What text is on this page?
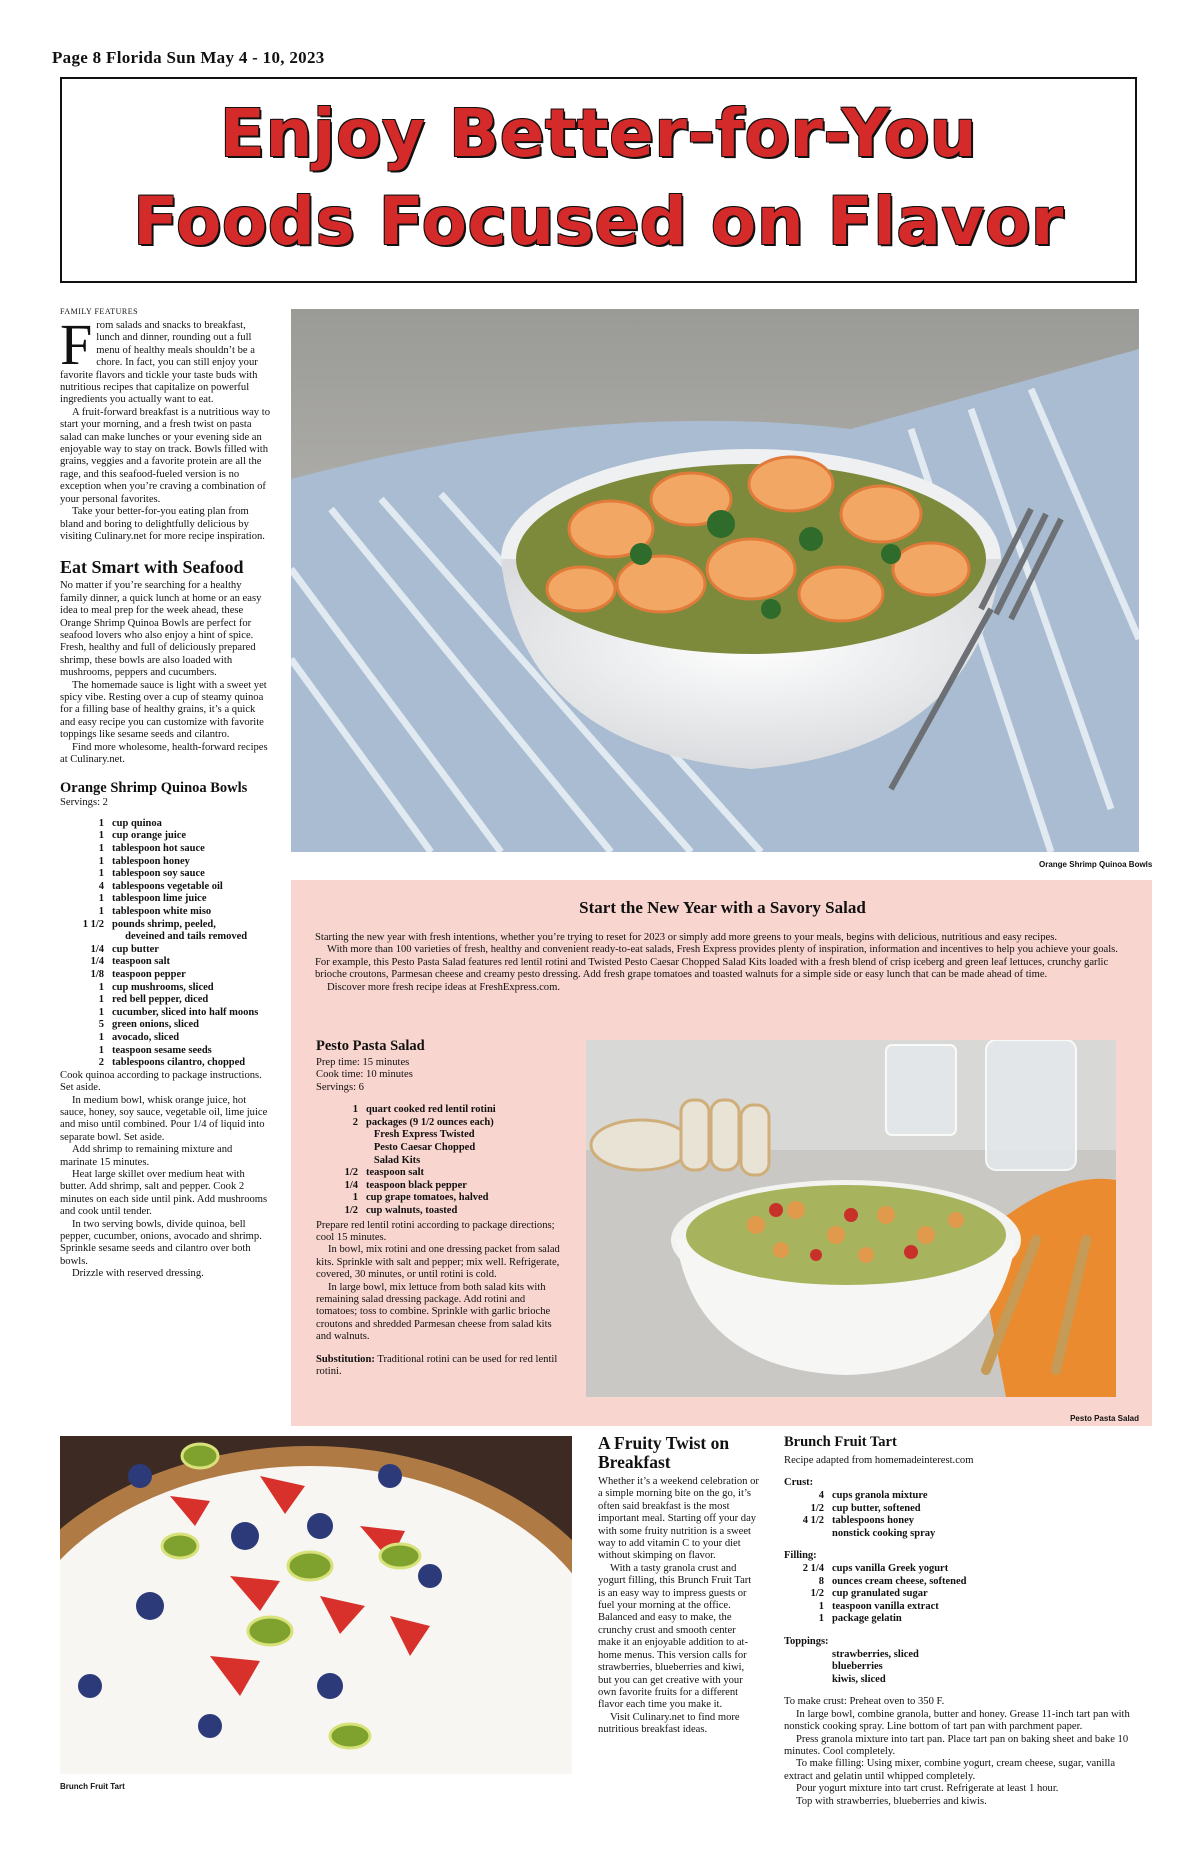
Page 8 Florida Sun May 4 - 10, 2023
Enjoy Better-for-You
Foods Focused on Flavor
FAMILY FEATURES
F rom salads and snacks to breakfast, lunch and dinner, rounding out a full menu of healthy meals shouldn’t be a chore. In fact, you can still enjoy your favorite flavors and tickle your taste buds with nutritious recipes that capitalize on powerful ingredients you actually want to eat.

A fruit-forward breakfast is a nutritious way to start your morning, and a fresh twist on pasta salad can make lunches or your evening side an enjoyable way to stay on track. Bowls filled with grains, veggies and a favorite protein are all the rage, and this seafood-fueled version is no exception when you’re craving a combination of your personal favorites.

Take your better-for-you eating plan from bland and boring to delightfully delicious by visiting Culinary.net for more recipe inspiration.

Eat Smart with Seafood

No matter if you’re searching for a healthy family dinner, a quick lunch at home or an easy idea to meal prep for the week ahead, these Orange Shrimp Quinoa Bowls are perfect for seafood lovers who also enjoy a hint of spice. Fresh, healthy and full of deliciously prepared shrimp, these bowls are also loaded with mushrooms, peppers and cucumbers.

The homemade sauce is light with a sweet yet spicy vibe. Resting over a cup of steamy quinoa for a filling base of healthy grains, it’s a quick and easy recipe you can customize with favorite toppings like sesame seeds and cilantro.

Find more wholesome, health-forward recipes at Culinary.net.

Orange Shrimp Quinoa Bowls
Servings: 2
1 cup quinoa
1 cup orange juice
1 tablespoon hot sauce
1 tablespoon honey
1 tablespoon soy sauce
4 tablespoons vegetable oil
1 tablespoon lime juice
1 tablespoon white miso
1 1/2 pounds shrimp, peeled,
deveined and tails removed
1/4 cup butter
1/4 teaspoon salt
1/8 teaspoon pepper
1 cup mushrooms, sliced
1 red bell pepper, diced
1 cucumber, sliced into half moons
5 green onions, sliced
1 avocado, sliced
1 teaspoon sesame seeds
2 tablespoons cilantro, chopped

Cook quinoa according to package instructions. Set aside.

In medium bowl, whisk orange juice, hot sauce, honey, soy sauce, vegetable oil, lime juice and miso until combined. Pour 1/4 of liquid into separate bowl. Set aside.

Add shrimp to remaining mixture and marinate 15 minutes.

Heat large skillet over medium heat with butter. Add shrimp, salt and pepper. Cook 2 minutes on each side until pink. Add mushrooms and cook until tender.

In two serving bowls, divide quinoa, bell pepper, cucumber, onions, avocado and shrimp. Sprinkle sesame seeds and cilantro over both bowls.

Drizzle with reserved dressing.

Orange Shrimp Quinoa Bowls
Start the New Year with a Savory Salad

Starting the new year with fresh intentions, whether you’re trying to reset for 2023 or simply add more greens to your meals, begins with delicious, nutritious and easy recipes.

With more than 100 varieties of fresh, healthy and convenient ready-to-eat salads, Fresh Express provides plenty of inspiration, information and incentives to help you achieve your goals. For example, this Pesto Pasta Salad features red lentil rotini and Twisted Pesto Caesar Chopped Salad Kits loaded with a fresh blend of crisp iceberg and green leaf lettuces, crunchy garlic brioche croutons, Parmesan cheese and creamy pesto dressing. Add fresh grape tomatoes and toasted walnuts for a simple side or easy lunch that can be made ahead of time.

Discover more fresh recipe ideas at FreshExpress.com.

Pesto Pasta Salad
Prep time: 15 minutes
Cook time: 10 minutes
Servings: 6
1 quart cooked red lentil rotini
2 packages (9 1/2 ounces each)
Fresh Express Twisted
Pesto Caesar Chopped
Salad Kits
1/2 teaspoon salt
1/4 teaspoon black pepper
1 cup grape tomatoes, halved
1/2 cup walnuts, toasted

Prepare red lentil rotini according to package directions; cool 15 minutes.

In bowl, mix rotini and one dressing packet from salad kits. Sprinkle with salt and pepper; mix well. Refrigerate, covered, 30 minutes, or until rotini is cold.

In large bowl, mix lettuce from both salad kits with remaining salad dressing package. Add rotini and tomatoes; toss to combine. Sprinkle with garlic brioche croutons and shredded Parmesan cheese from salad kits and walnuts.

Substitution: Traditional rotini can be used for red lentil rotini.
Pesto Pasta Salad
Brunch Fruit Tart
A Fruity Twist on Breakfast

Whether it’s a weekend celebration or a simple morning bite on the go, it’s often said breakfast is the most important meal. Starting off your day with some fruity nutrition is a sweet way to add vitamin C to your diet without skimping on flavor.

With a tasty granola crust and yogurt filling, this Brunch Fruit Tart is an easy way to impress guests or fuel your morning at the office. Balanced and easy to make, the crunchy crust and smooth center make it an enjoyable addition to at-home menus. This version calls for strawberries, blueberries and kiwi, but you can get creative with your own favorite fruits for a different flavor each time you make it.

Visit Culinary.net to find more nutritious breakfast ideas.

Brunch Fruit Tart
Recipe adapted from homemadeinterest.com
Crust:
4 cups granola mixture
1/2 cup butter, softened
4 1/2 tablespoons honey
nonstick cooking spray
Filling:
2 1/4 cups vanilla Greek yogurt
8 ounces cream cheese, softened
1/2 cup granulated sugar
1 teaspoon vanilla extract
1 package gelatin
Toppings:
strawberries, sliced
blueberries
kiwis, sliced

To make crust: Preheat oven to 350 F.

In large bowl, combine granola, butter and honey. Grease 11-inch tart pan with nonstick cooking spray. Line bottom of tart pan with parchment paper.

Press granola mixture into tart pan. Place tart pan on baking sheet and bake 10 minutes. Cool completely.

To make filling: Using mixer, combine yogurt, cream cheese, sugar, vanilla extract and gelatin until whipped completely.

Pour yogurt mixture into tart crust. Refrigerate at least 1 hour.

Top with strawberries, blueberries and kiwis.
